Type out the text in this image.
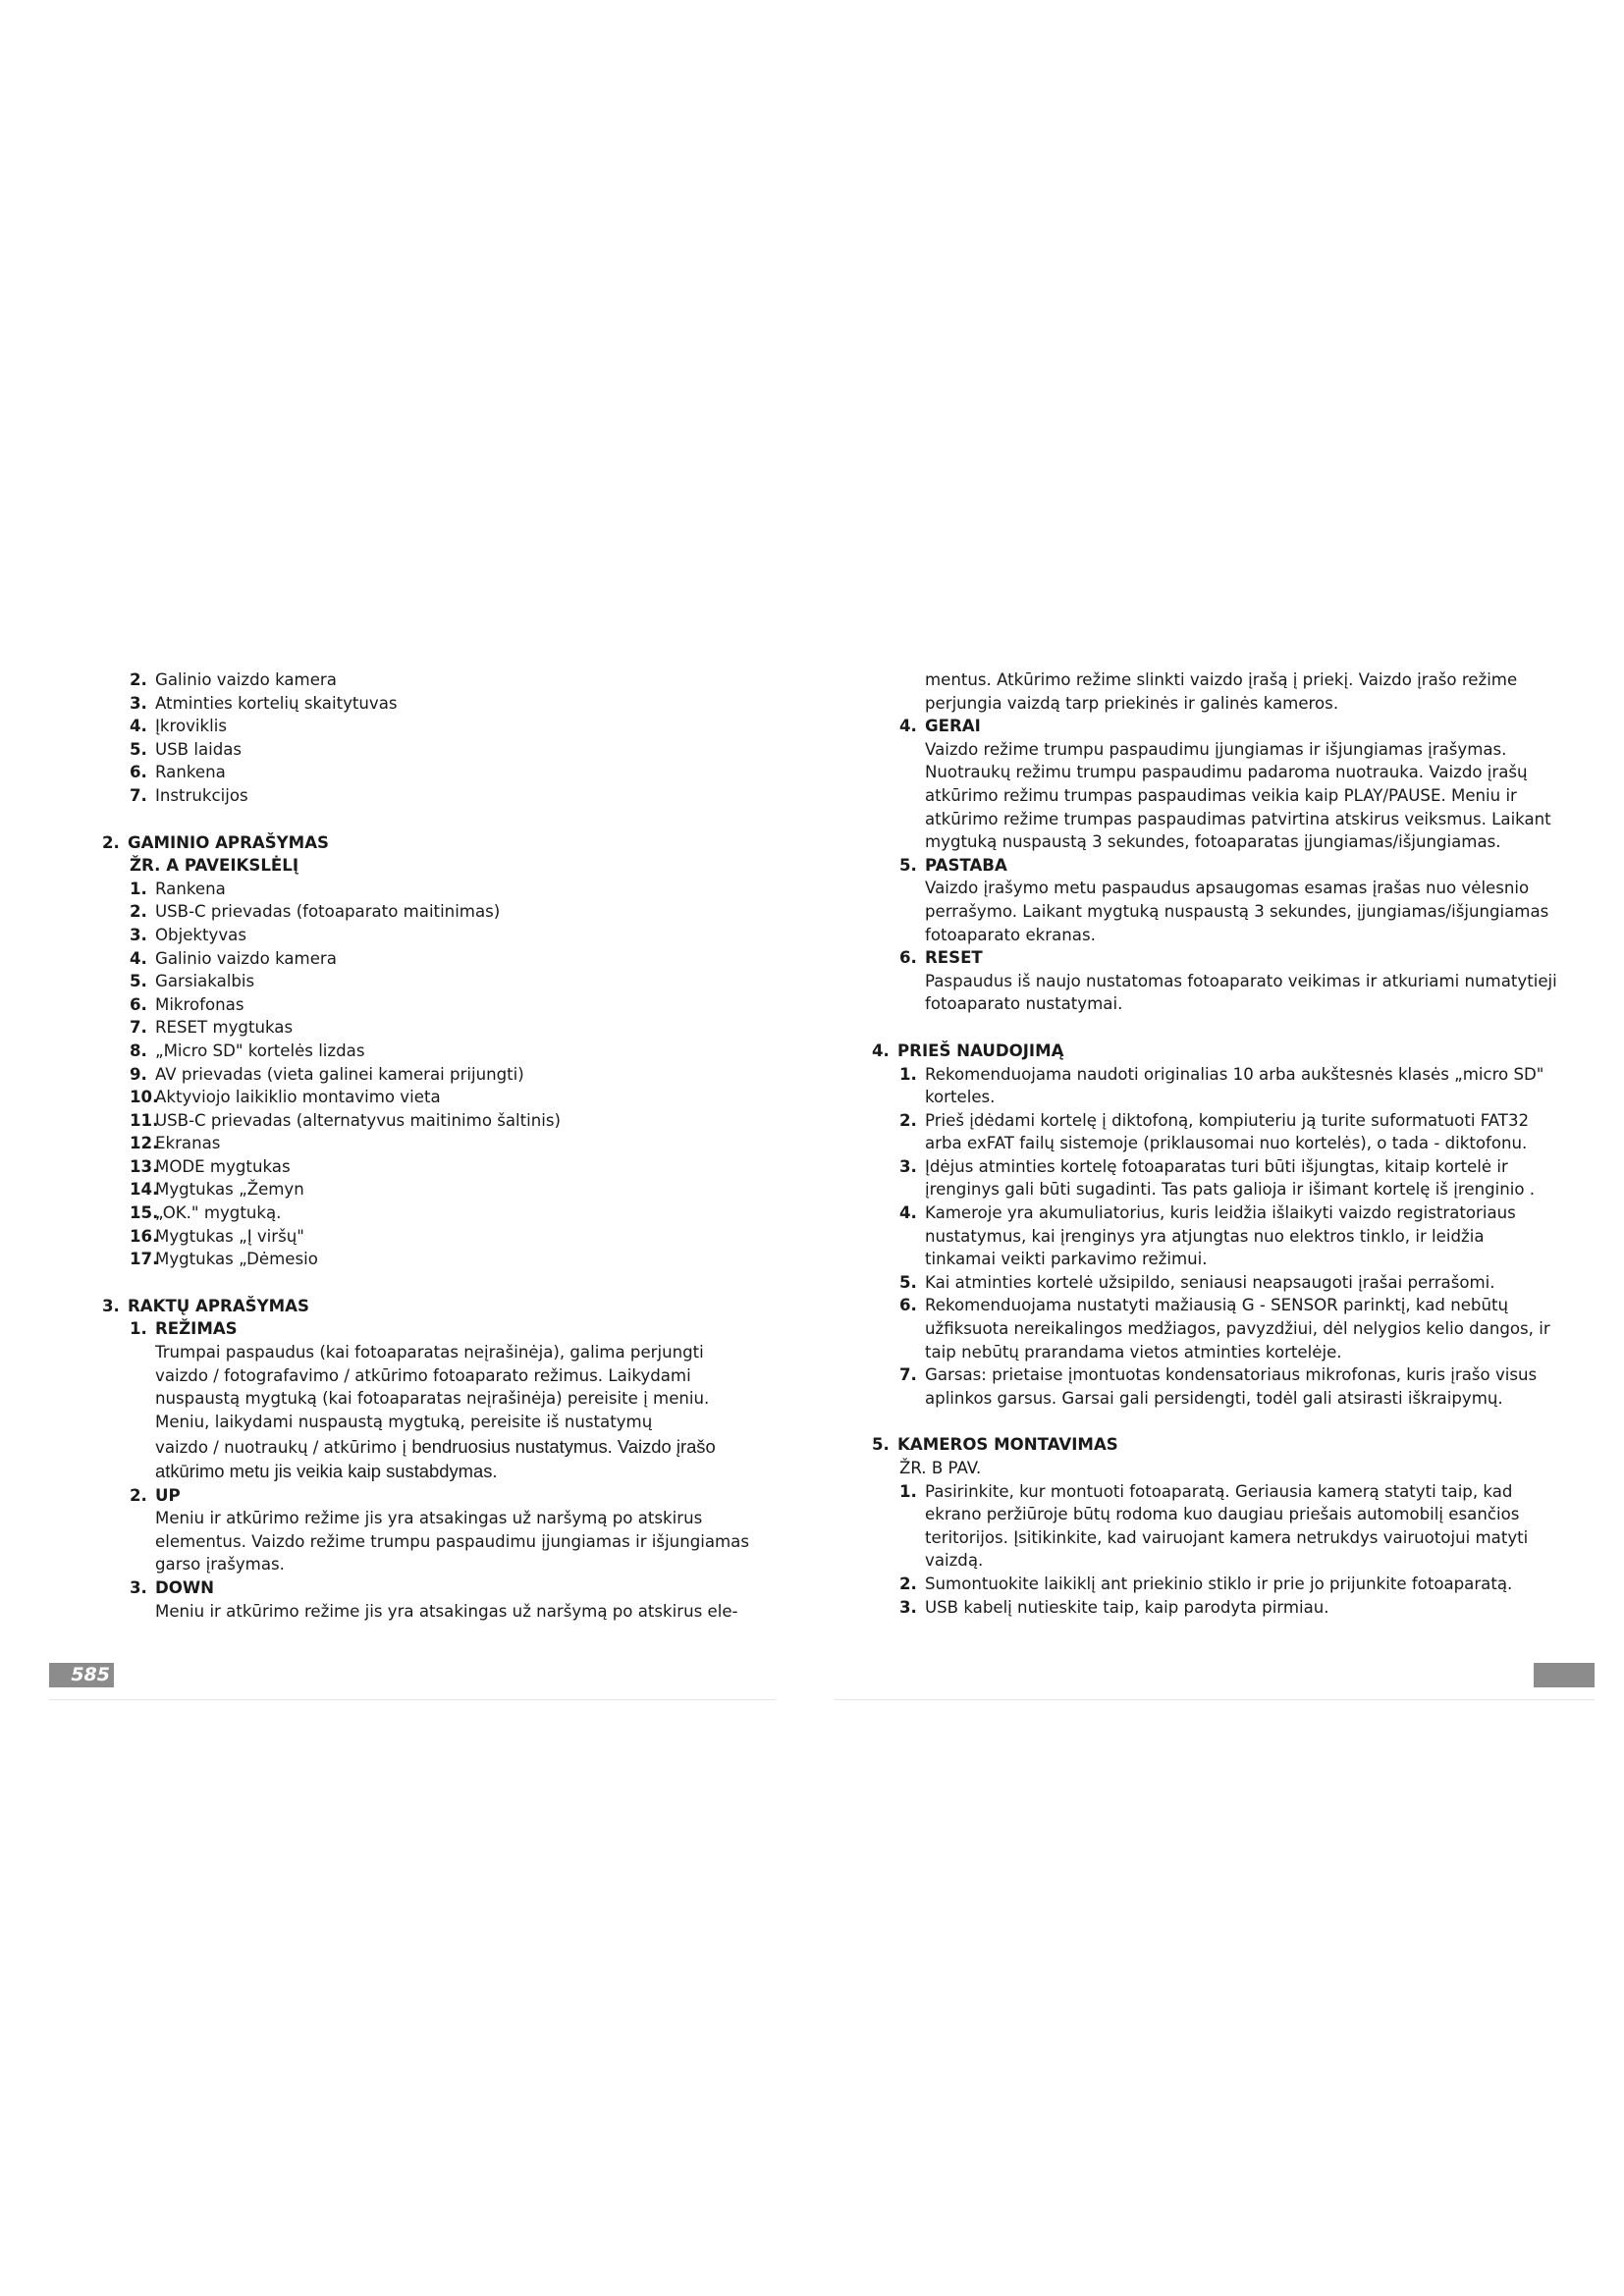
2. Galinio vaizdo kamera
3. Atminties kortelių skaitytuvas
4. Įkroviklis
5. USB laidas
6. Rankena
7. Instrukcijos
2. GAMINIO APRAŠYMAS
ŽR. A PAVEIKSLĖLĮ
1. Rankena
2. USB-C prievadas (fotoaparato maitinimas)
3. Objektyvas
4. Galinio vaizdo kamera
5. Garsiakalbis
6. Mikrofonas
7. RESET mygtukas
8. „Micro SD" kortelės lizdas
9. AV prievadas (vieta galinei kamerai prijungti)
10.
Aktyviojo laikiklio montavimo vieta
11.
USB-C prievadas (alternatyvus maitinimo šaltinis)
12.
Ekranas
13.
MODE mygtukas
14.
Mygtukas „Žemyn
15.
„OK." mygtuką.
16.
Mygtukas „Į viršų"
17.
Mygtukas „Dėmesio
3. RAKTŲ APRAŠYMAS
1. REŽIMAS
Trumpai paspaudus (kai fotoaparatas neįrašinėja), galima perjungti vaizdo / fotografavimo / atkūrimo fotoaparato režimus. Laikydami nuspaustą mygtuką (kai fotoaparatas neįrašinėja) pereisite į meniu. Meniu, laikydami nuspaustą mygtuką, pereisite iš nustatymų
vaizdo / nuotraukų / atkūrimo į bendruosius nustatymus. Vaizdo įrašo atkūrimo metu jis veikia kaip sustabdymas.
2. UP
Meniu ir atkūrimo režime jis yra atsakingas už naršymą po atskirus elementus. Vaizdo režime trumpu paspaudimu įjungiamas ir išjungiamas garso įrašymas.
3. DOWN
Meniu ir atkūrimo režime jis yra atsakingas už naršymą po atskirus ele-
mentus. Atkūrimo režime slinkti vaizdo įrašą į priekį. Vaizdo įrašo režime perjungia vaizdą tarp priekinės ir galinės kameros.
4. GERAI
Vaizdo režime trumpu paspaudimu įjungiamas ir išjungiamas įrašymas. Nuotraukų režimu trumpu paspaudimu padaroma nuotrauka. Vaizdo įrašų atkūrimo režimu trumpas paspaudimas veikia kaip PLAY/PAUSE. Meniu ir atkūrimo režime trumpas paspaudimas patvirtina atskirus veiksmus. Laikant mygtuką nuspaustą 3 sekundes, fotoaparatas įjungiamas/išjungiamas.
5. PASTABA
Vaizdo įrašymo metu paspaudus apsaugomas esamas įrašas nuo vėlesnio perrašymo. Laikant mygtuką nuspaustą 3 sekundes, įjungiamas/išjungiamas fotoaparato ekranas.
6. RESET
Paspaudus iš naujo nustatomas fotoaparato veikimas ir atkuriami numatytieji fotoaparato nustatymai.
4. PRIEŠ NAUDOJIMĄ
1. Rekomenduojama naudoti originalias 10 arba aukštesnės klasės „micro SD" korteles.
2. Prieš įdėdami kortelę į diktofoną, kompiuteriu ją turite suformatuoti FAT32 arba exFAT failų sistemoje (priklausomai nuo kortelės), o tada - diktofonu.
3. Įdėjus atminties kortelę fotoaparatas turi būti išjungtas, kitaip kortelė ir įrenginys gali būti sugadinti. Tas pats galioja ir išimant kortelę iš įrenginio .
4. Kameroje yra akumuliatorius, kuris leidžia išlaikyti vaizdo registratoriaus nustatymus, kai įrenginys yra atjungtas nuo elektros tinklo, ir leidžia tinkamai veikti parkavimo režimui.
5. Kai atminties kortelė užsipildo, seniausi neapsaugoti įrašai perrašomi.
6. Rekomenduojama nustatyti mažiausią G - SENSOR parinktį, kad nebūtų užfiksuota nereikalingos medžiagos, pavyzdžiui, dėl nelygios kelio dangos, ir taip nebūtų prarandama vietos atminties kortelėje.
7. Garsas: prietaise įmontuotas kondensatoriaus mikrofonas, kuris įrašo visus aplinkos garsus. Garsai gali persidengti, todėl gali atsirasti iškraipymų.
5. KAMEROS MONTAVIMAS
ŽR. B PAV.
1. Pasirinkite, kur montuoti fotoaparatą. Geriausia kamerą statyti taip, kad ekrano peržiūroje būtų rodoma kuo daugiau priešais automobilį esančios teritorijos. Įsitikinkite, kad vairuojant kamera netrukdys vairuotojui matyti vaizdą.
2. Sumontuokite laikiklį ant priekinio stiklo ir prie jo prijunkite fotoaparatą.
3. USB kabelį nutieskite taip, kaip parodyta pirmiau.
585
